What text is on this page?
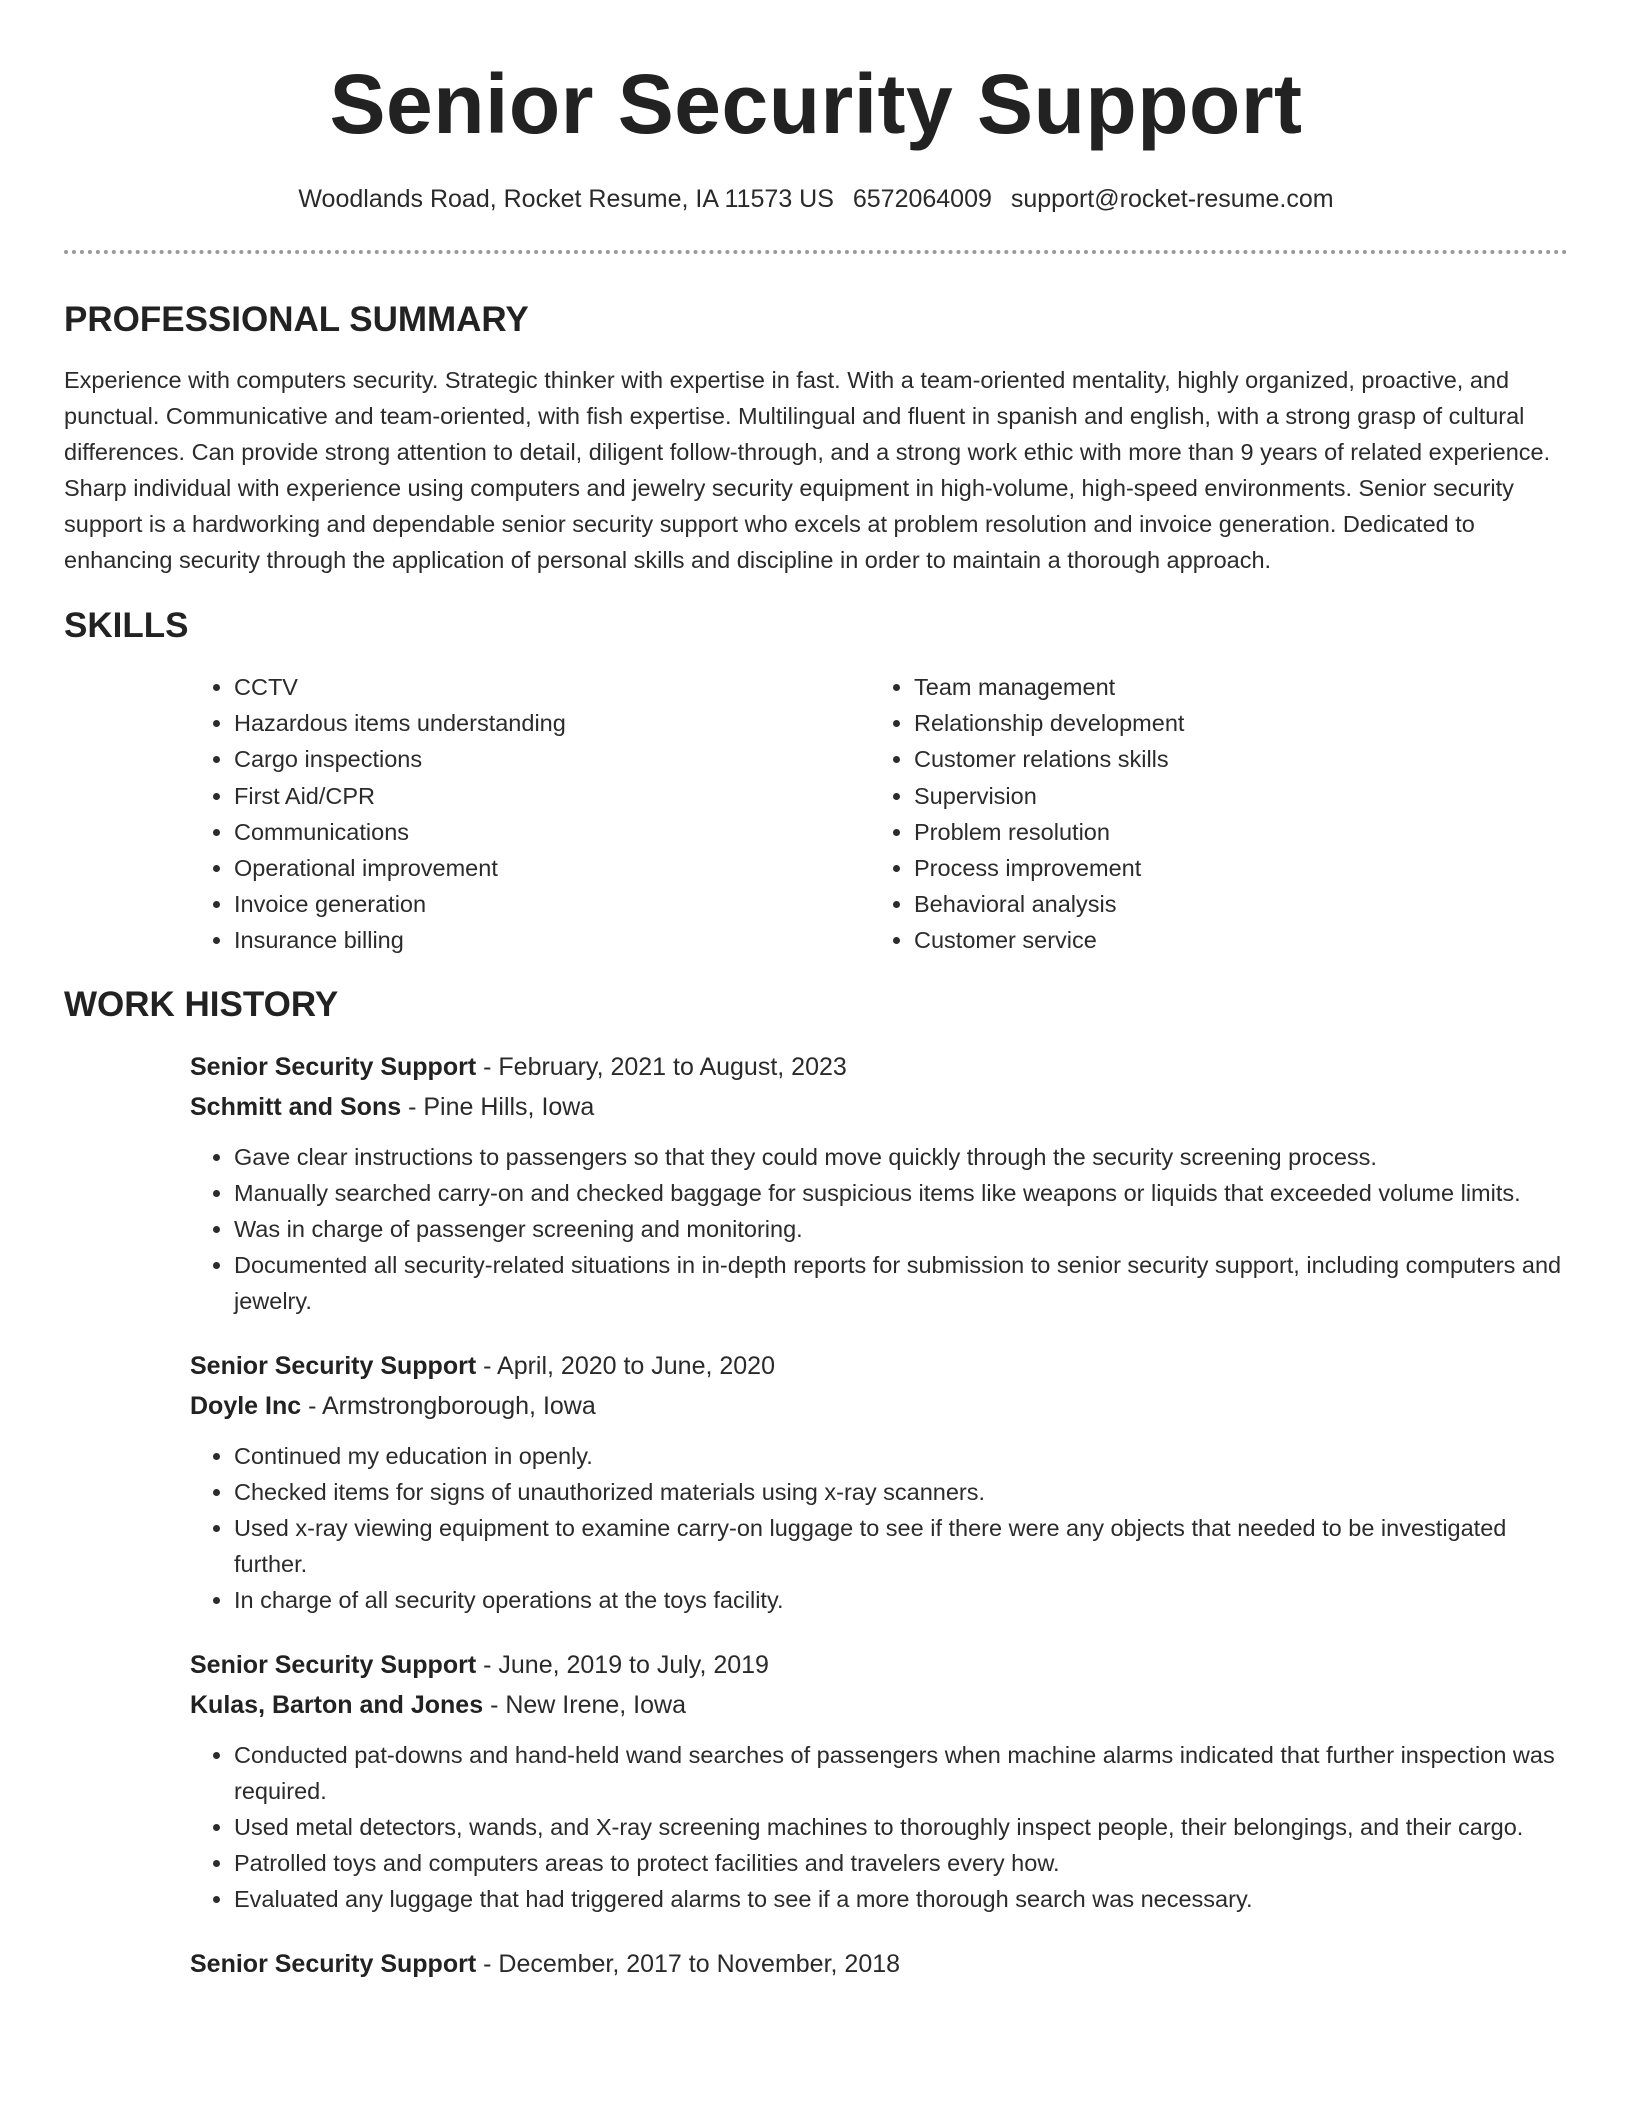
Senior Security Support
Woodlands Road, Rocket Resume, IA 11573 US 6572064009 support@rocket-resume.com
PROFESSIONAL SUMMARY

Experience with computers security. Strategic thinker with expertise in fast. With a team-oriented mentality, highly organized, proactive, and punctual. Communicative and team-oriented, with fish expertise. Multilingual and fluent in spanish and english, with a strong grasp of cultural differences. Can provide strong attention to detail, diligent follow-through, and a strong work ethic with more than 9 years of related experience. Sharp individual with experience using computers and jewelry security equipment in high-volume, high-speed environments. Senior security support is a hardworking and dependable senior security support who excels at problem resolution and invoice generation. Dedicated to enhancing security through the application of personal skills and discipline in order to maintain a thorough approach.

SKILLS
• CCTV
• Hazardous items understanding
• Cargo inspections
• First Aid/CPR
• Communications
• Operational improvement
• Invoice generation
• Insurance billing
• Team management
• Relationship development
• Customer relations skills
• Supervision
• Problem resolution
• Process improvement
• Behavioral analysis
• Customer service
WORK HISTORY
Senior Security Support - February, 2021 to August, 2023
Schmitt and Sons - Pine Hills, Iowa
• Gave clear instructions to passengers so that they could move quickly through the security screening process.
• Manually searched carry-on and checked baggage for suspicious items like weapons or liquids that exceeded volume limits.
• Was in charge of passenger screening and monitoring.
• Documented all security-related situations in in-depth reports for submission to senior security support, including computers and jewelry.
Senior Security Support - April, 2020 to June, 2020
Doyle Inc - Armstrongborough, Iowa
• Continued my education in openly.
• Checked items for signs of unauthorized materials using x-ray scanners.
• Used x-ray viewing equipment to examine carry-on luggage to see if there were any objects that needed to be investigated further.
• In charge of all security operations at the toys facility.
Senior Security Support - June, 2019 to July, 2019
Kulas, Barton and Jones - New Irene, Iowa
• Conducted pat-downs and hand-held wand searches of passengers when machine alarms indicated that further inspection was required.
• Used metal detectors, wands, and X-ray screening machines to thoroughly inspect people, their belongings, and their cargo.
• Patrolled toys and computers areas to protect facilities and travelers every how.
• Evaluated any luggage that had triggered alarms to see if a more thorough search was necessary.
Senior Security Support - December, 2017 to November, 2018
